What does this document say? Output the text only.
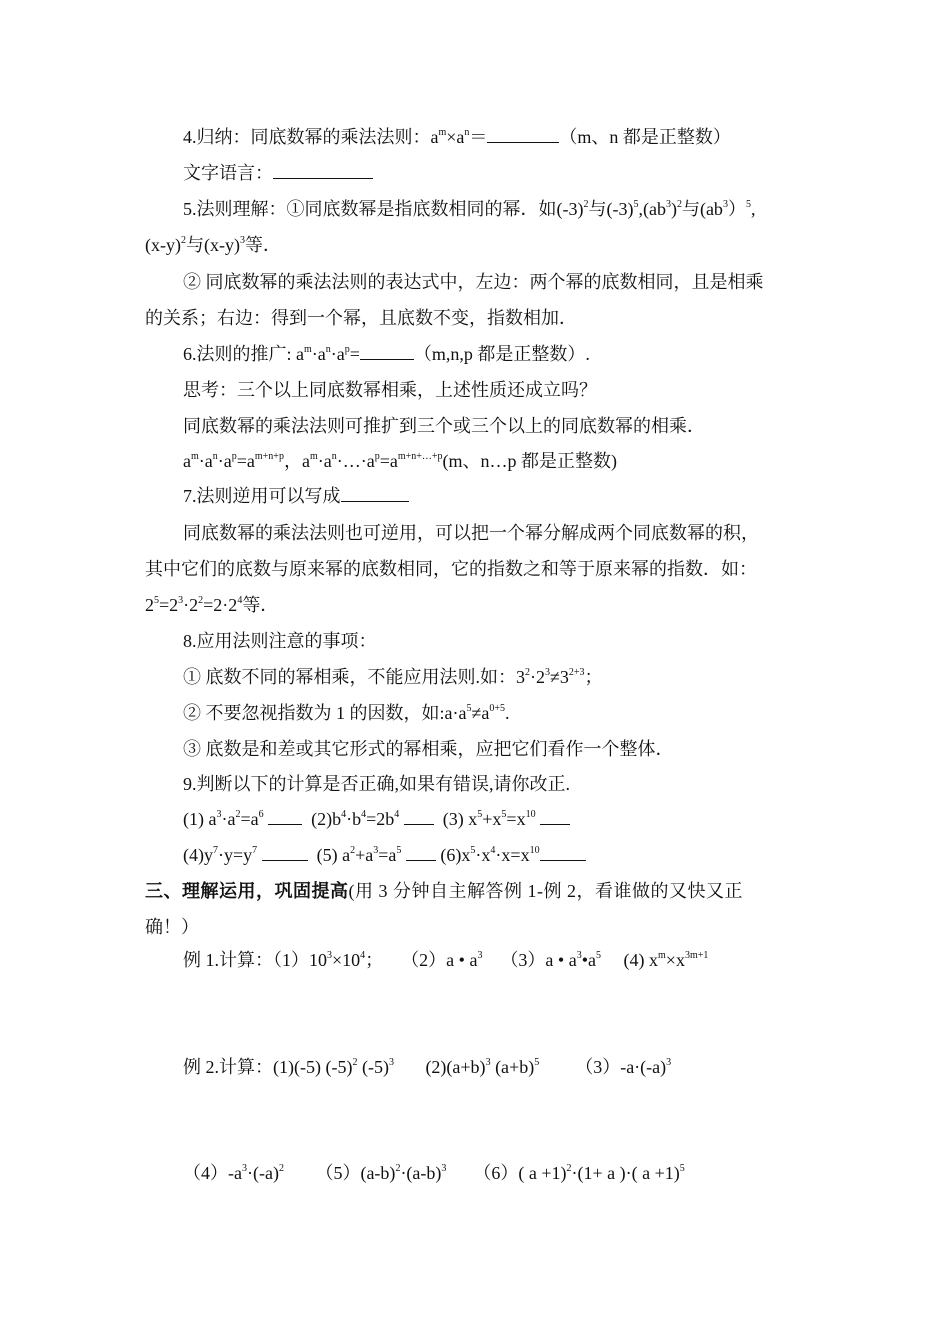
4.归纳：同底数幂的乘法法则：$a^m\times a^n=$	（m、n 都是正整数）
文字语言：
5.法则理解：①同底数幂是指底数相同的幂．如$(-3)^2$与$(-3)^5,(ab^3)^2$与$(ab^3)^5$,
$(x-y)^2$与$(x-y)^3$等．
② 同底数幂的乘法法则的表达式中，左边：两个幂的底数相同，且是相乘
的关系；右边：得到一个幂，且底数不变，指数相加．
6.法则的推广: $a^m\cdot a^n\cdot a^p=$	（m,n,p 都是正整数）.
思考：三个以上同底数幂相乘，上述性质还成立吗？
同底数幂的乘法法则可推扩到三个或三个以上的同底数幂的相乘．
$a^m\cdot a^n\cdot a^p=a^{m+n+p}$，$a^m\cdot a^n\cdot\dots\cdot a^p=a^{m+n+\dots+p}(m$、n…p 都是正整数)
7.法则逆用可以写成
同底数幂的乘法法则也可逆用，可以把一个幂分解成两个同底数幂的积，
其中它们的底数与原来幂的底数相同，它的指数之和等于原来幂的指数．如：
$2^5=2^3\cdot 2^2=2\cdot 2^4$等．
8.应用法则注意的事项：
① 底数不同的幂相乘，不能应用法则.如：$3^2\cdot 2^3\ne 3^{2+3}$；
② 不要忽视指数为 1 的因数，如$:a\cdot a^5\ne a^{0+5}$.
③ 底数是和差或其它形式的幂相乘，应把它们看作一个整体．
9.判断以下的计算是否正确,如果有错误,请你改正.
(1) $a^3\cdot a^2=a^6$	$(2)b^4\cdot b^4=2b^4$ (3) $x^5+x^5=x^{10}$
$(4)y^7\cdot y=y^7$	(5) $a^2+a^3=a^5$ $(6)x^5\cdot x^4\cdot x=x^{10}$
三、理解运用，巩固提高(用 3 分钟自主解答例 1-例 2，看谁做的又快又正
确！）
例 1.计算：$(1)10^3\times 10^4$； （2）a • $a^3$ （3）a • $a^3•a^5$ (4) $x^m\times x^{3m+1}$
例 2.计算：(1)(-5) $(-5)^2$ $(-5)^3$ $(2)(a+b)^3$ $(a+b)^5$ $(3)-a\cdot(-a)^3$
$(4)-a^3\cdot(-a)^2$ $(5)(a-b)^2\cdot(a-b)^3$ （6）( a +1)$^2$·(1+ a )·( a +1)$^5$
